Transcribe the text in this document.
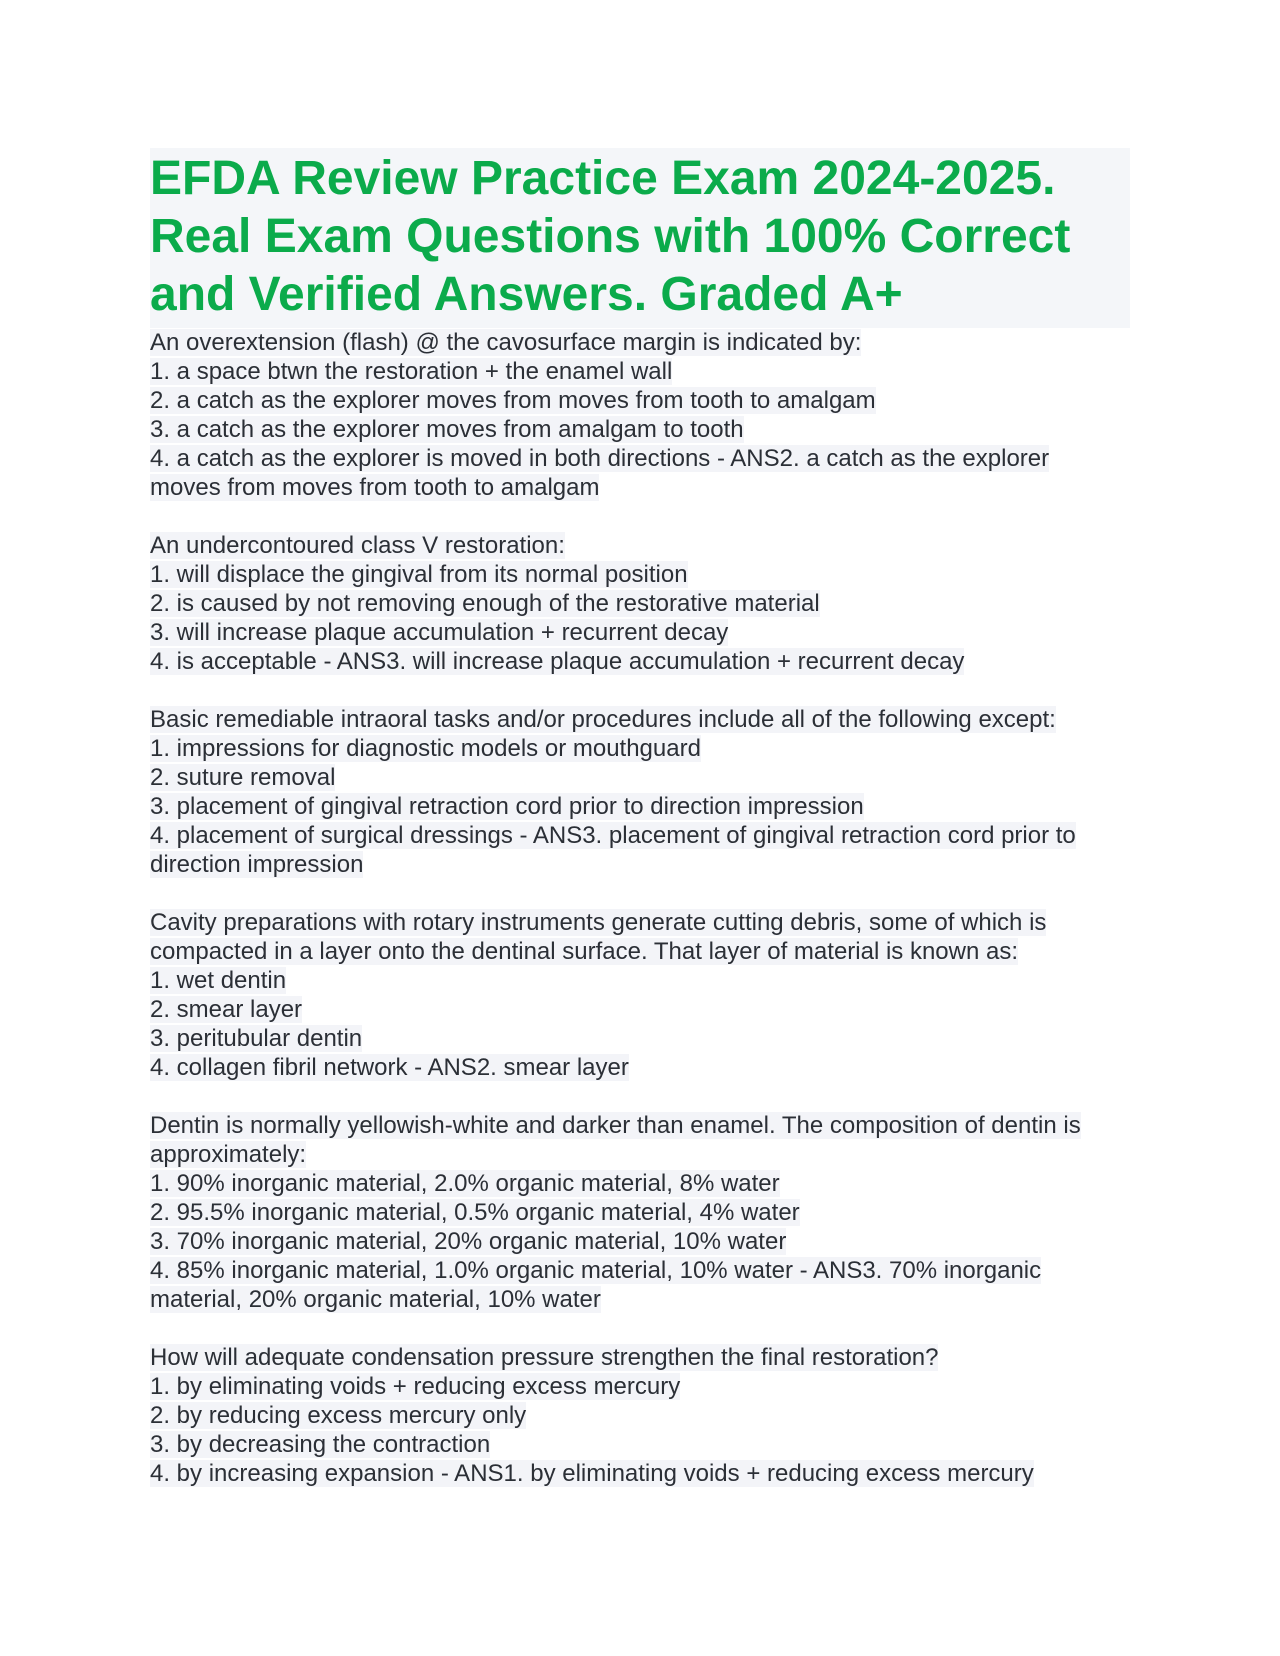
EFDA Review Practice Exam 2024-2025.
Real Exam Questions with 100% Correct
and Verified Answers. Graded A+
An overextension (flash) @ the cavosurface margin is indicated by:
1. a space btwn the restoration + the enamel wall
2. a catch as the explorer moves from moves from tooth to amalgam
3. a catch as the explorer moves from amalgam to tooth
4. a catch as the explorer is moved in both directions - ANS2. a catch as the explorer
moves from moves from tooth to amalgam
An undercontoured class V restoration:
1. will displace the gingival from its normal position
2. is caused by not removing enough of the restorative material
3. will increase plaque accumulation + recurrent decay
4. is acceptable - ANS3. will increase plaque accumulation + recurrent decay
Basic remediable intraoral tasks and/or procedures include all of the following except:
1. impressions for diagnostic models or mouthguard
2. suture removal
3. placement of gingival retraction cord prior to direction impression
4. placement of surgical dressings - ANS3. placement of gingival retraction cord prior to
direction impression
Cavity preparations with rotary instruments generate cutting debris, some of which is
compacted in a layer onto the dentinal surface. That layer of material is known as:
1. wet dentin
2. smear layer
3. peritubular dentin
4. collagen fibril network - ANS2. smear layer
Dentin is normally yellowish-white and darker than enamel. The composition of dentin is
approximately:
1. 90% inorganic material, 2.0% organic material, 8% water
2. 95.5% inorganic material, 0.5% organic material, 4% water
3. 70% inorganic material, 20% organic material, 10% water
4. 85% inorganic material, 1.0% organic material, 10% water - ANS3. 70% inorganic
material, 20% organic material, 10% water
How will adequate condensation pressure strengthen the final restoration?
1. by eliminating voids + reducing excess mercury
2. by reducing excess mercury only
3. by decreasing the contraction
4. by increasing expansion - ANS1. by eliminating voids + reducing excess mercury
